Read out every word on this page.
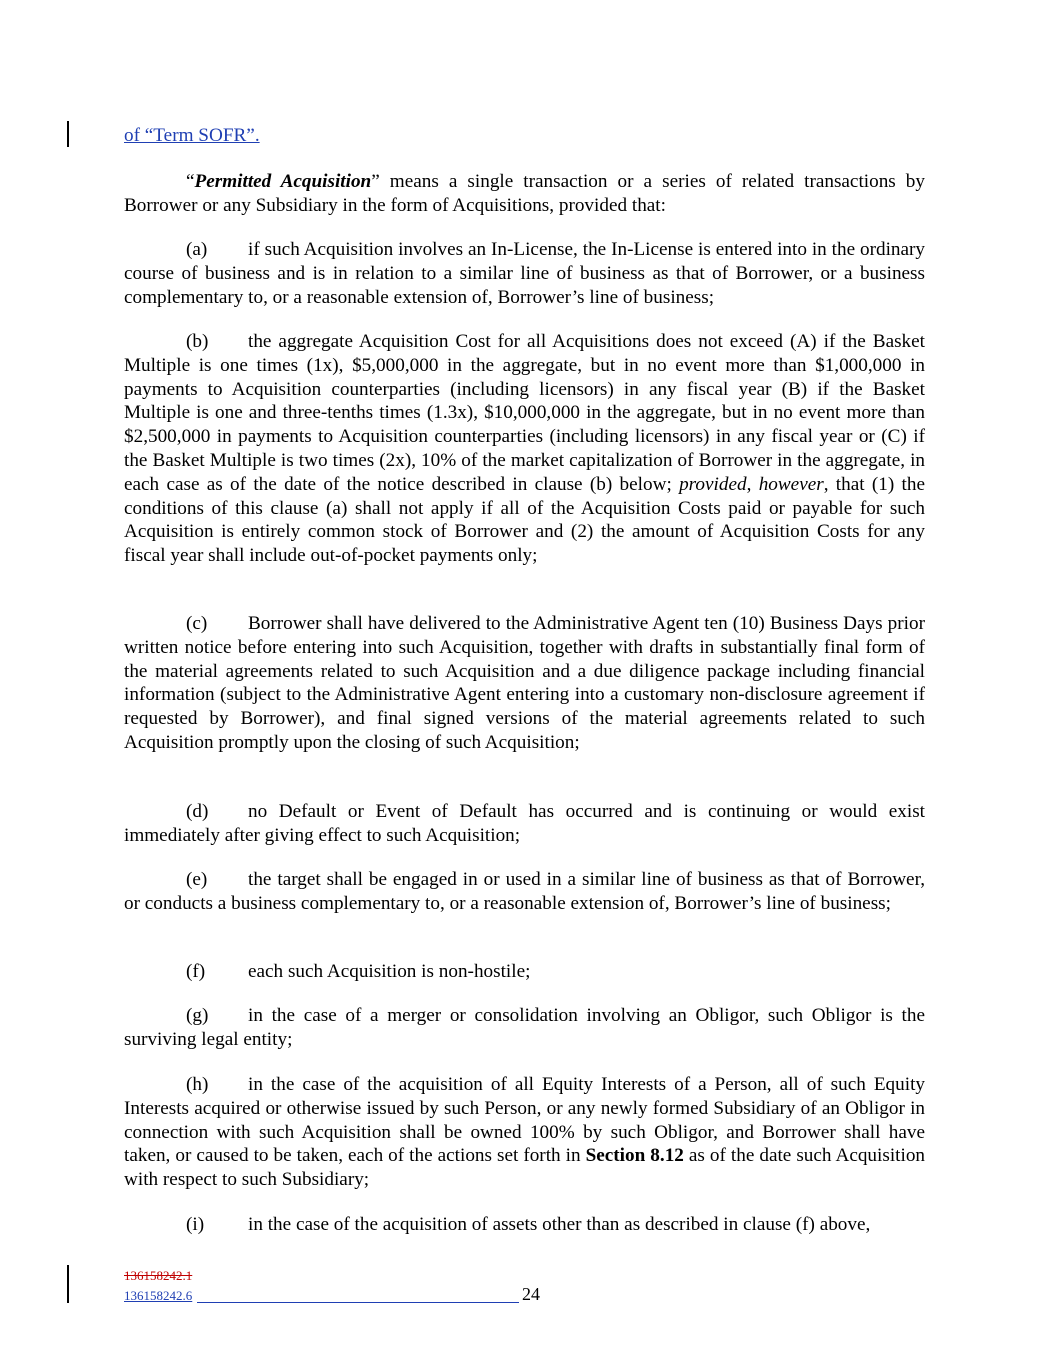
of “Term SOFR”.

“Permitted Acquisition” means a single transaction or a series of related transactions by Borrower or any Subsidiary in the form of Acquisitions, provided that:

(a) if such Acquisition involves an In-License, the In-License is entered into in the ordinary course of business and is in relation to a similar line of business as that of Borrower, or a business complementary to, or a reasonable extension of, Borrower’s line of business;

(b) the aggregate Acquisition Cost for all Acquisitions does not exceed (A) if the Basket Multiple is one times (1x), $5,000,000 in the aggregate, but in no event more than $1,000,000 in payments to Acquisition counterparties (including licensors) in any fiscal year (B) if the Basket Multiple is one and three-tenths times (1.3x), $10,000,000 in the aggregate, but in no event more than $2,500,000 in payments to Acquisition counterparties (including licensors) in any fiscal year or (C) if the Basket Multiple is two times (2x), 10% of the market capitalization of Borrower in the aggregate, in each case as of the date of the notice described in clause (b) below; provided, however, that (1) the conditions of this clause (a) shall not apply if all of the Acquisition Costs paid or payable for such Acquisition is entirely common stock of Borrower and (2) the amount of Acquisition Costs for any fiscal year shall include out-of-pocket payments only;

(c) Borrower shall have delivered to the Administrative Agent ten (10) Business Days prior written notice before entering into such Acquisition, together with drafts in substantially final form of the material agreements related to such Acquisition and a due diligence package including financial information (subject to the Administrative Agent entering into a customary non-disclosure agreement if requested by Borrower), and final signed versions of the material agreements related to such Acquisition promptly upon the closing of such Acquisition;

(d) no Default or Event of Default has occurred and is continuing or would exist immediately after giving effect to such Acquisition;

(e) the target shall be engaged in or used in a similar line of business as that of Borrower, or conducts a business complementary to, or a reasonable extension of, Borrower’s line of business;

(f) each such Acquisition is non-hostile;

(g) in the case of a merger or consolidation involving an Obligor, such Obligor is the surviving legal entity;

(h) in the case of the acquisition of all Equity Interests of a Person, all of such Equity Interests acquired or otherwise issued by such Person, or any newly formed Subsidiary of an Obligor in connection with such Acquisition shall be owned 100% by such Obligor, and Borrower shall have taken, or caused to be taken, each of the actions set forth in Section 8.12 as of the date such Acquisition with respect to such Subsidiary;

(i) in the case of the acquisition of assets other than as described in clause (f) above,

136158242.1
136158242.6	24
